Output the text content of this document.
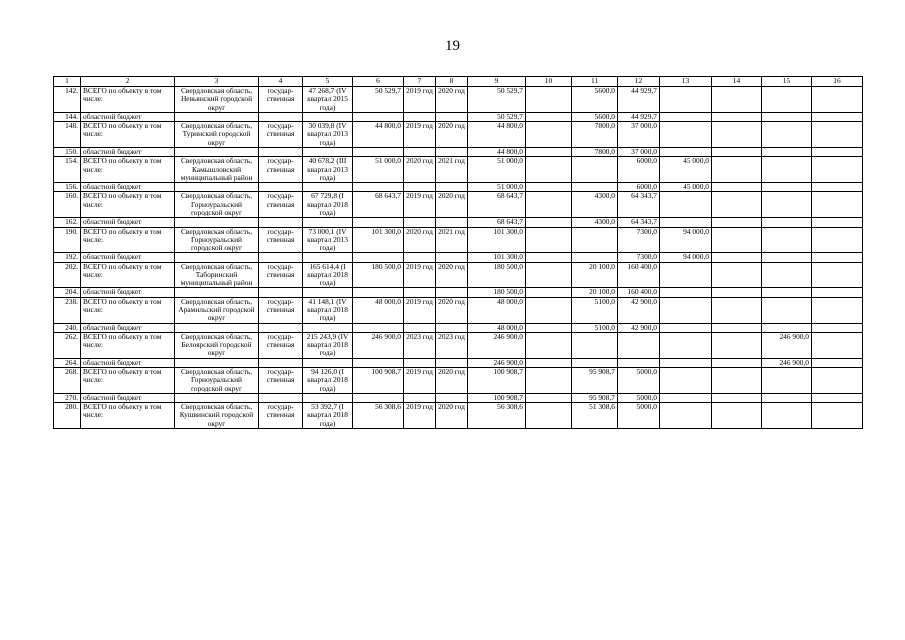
19
1	2	3	4	5	6	7	8	9	10	11	12	13	14	15	16
142.	ВСЕГО по объекту в том числе:	Свердловская область, Невьянский городской округ	государ-ственная	47 268,7 (IV квартал 2015 года)	50 529,7	2019 год	2020 год	50 529,7		5600,0	44 929,7				
144.	областной бюджет							50 529,7		5600,0	44 929,7				
148.	ВСЕГО по объекту в том числе:	Свердловская область, Туринский городской округ	государ-ственная	30 039,8 (IV квартал 2013 года)	44 800,0	2019 год	2020 год	44 800,0		7800,0	37 000,0				
150.	областной бюджет							44 800,0		7800,0	37 000,0				
154.	ВСЕГО по объекту в том числе:	Свердловская область, Камышловский муниципальный район	государ-ственная	40 678,2 (III квартал 2013 года)	51 000,0	2020 год	2021 год	51 000,0			6000,0	45 000,0			
156.	областной бюджет							51 000,0			6000,0	45 000,0			
160.	ВСЕГО по объекту в том числе:	Свердловская область, Горноуральский городской округ	государ-ственная	67 729,8 (I квартал 2018 года)	68 643,7	2019 год	2020 год	68 643,7		4300,0	64 343,7				
162.	областной бюджет							68 643,7		4300,0	64 343,7				
190.	ВСЕГО по объекту в том числе:	Свердловская область, Горноуральский городской округ	государ-ственная	73 000,1 (IV квартал 2013 года)	101 300,0	2020 год	2021 год	101 300,0			7300,0	94 000,0			
192.	областной бюджет							101 300,0			7300,0	94 000,0			
202.	ВСЕГО по объекту в том числе:	Свердловская область, Таборинский муниципальный район	государ-ственная	165 614,4 (I квартал 2018 года)	180 500,0	2019 год	2020 год	180 500,0		20 100,0	160 400,0				
204.	областной бюджет							180 500,0		20 100,0	160 400,0				
238.	ВСЕГО по объекту в том числе:	Свердловская область, Арамильский городской округ	государ-ственная	41 148,1 (IV квартал 2018 года)	48 000,0	2019 год	2020 год	48 000,0		5100,0	42 900,0				
240.	областной бюджет							48 000,0		5100,0	42 900,0				
262.	ВСЕГО по объекту в том числе:	Свердловская область, Белоярский городской округ	государ-ственная	215 243,9 (IV квартал 2018 года)	246 900,0	2023 год	2023 год	246 900,0						246 900,0	
264.	областной бюджет							246 900,0						246 900,0	
268.	ВСЕГО по объекту в том числе:	Свердловская область, Горноуральский городской округ	государ-ственная	94 126,0 (I квартал 2018 года)	100 908,7	2019 год	2020 год	100 908,7		95 908,7	5000,0				
270.	областной бюджет							100 908,7		95 908,7	5000,0				
280.	ВСЕГО по объекту в том числе:	Свердловская область, Кушвинский городской округ	государ-ственная	53 392,7 (I квартал 2018 года)	56 308,6	2019 год	2020 год	56 308,6		51 308,6	5000,0				
